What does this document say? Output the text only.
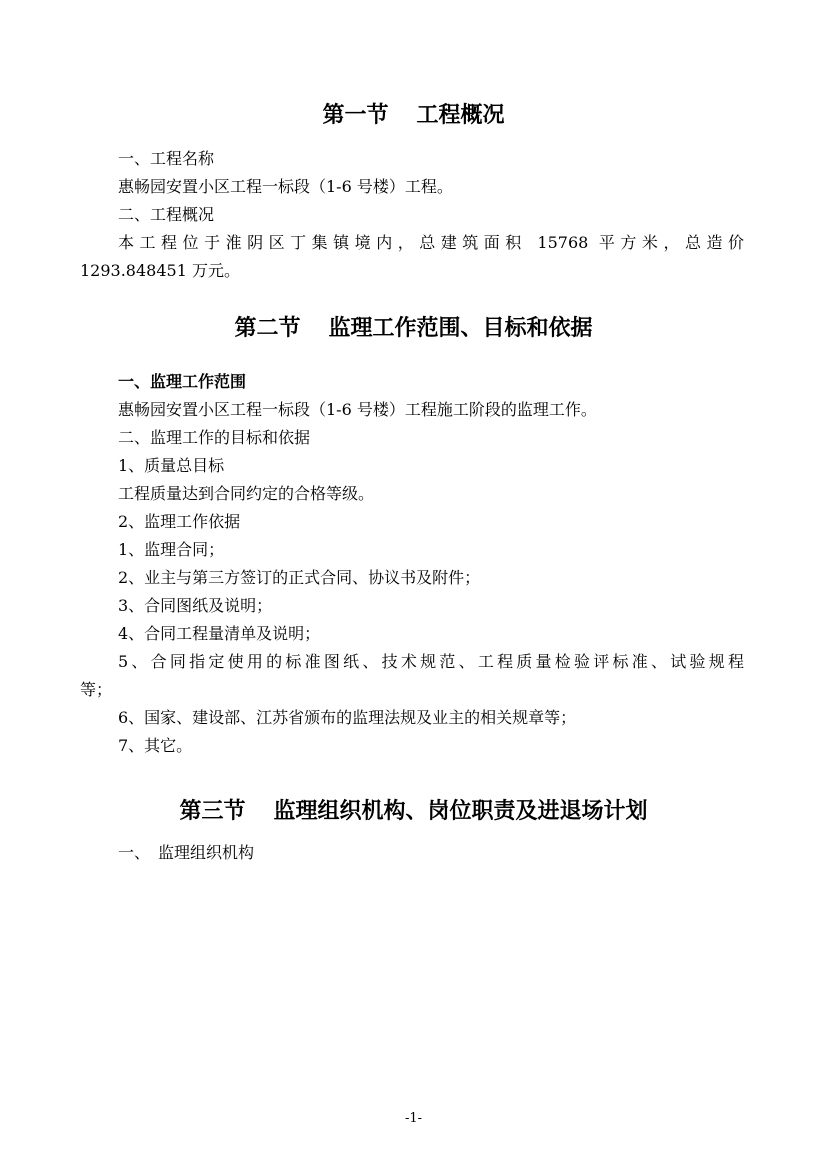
第一节 工程概况
一、工程名称
惠畅园安置小区工程一标段（1-6 号楼）工程。
二、工程概况
本工程位于淮阴区丁集镇境内，总建筑面积 15768 平方米，总造价
1293.848451 万元。
第二节 监理工作范围、目标和依据
一、监理工作范围
惠畅园安置小区工程一标段（1-6 号楼）工程施工阶段的监理工作。
二、监理工作的目标和依据
1、质量总目标
工程质量达到合同约定的合格等级。
2、监理工作依据
1、监理合同；
2、业主与第三方签订的正式合同、协议书及附件；
3、合同图纸及说明；
4、合同工程量清单及说明；
5、合同指定使用的标准图纸、技术规范、工程质量检验评标准、试验规程
等；
6、国家、建设部、江苏省颁布的监理法规及业主的相关规章等；
7、其它。
第三节 监理组织机构、岗位职责及进退场计划
一、　监理组织机构
-1-
